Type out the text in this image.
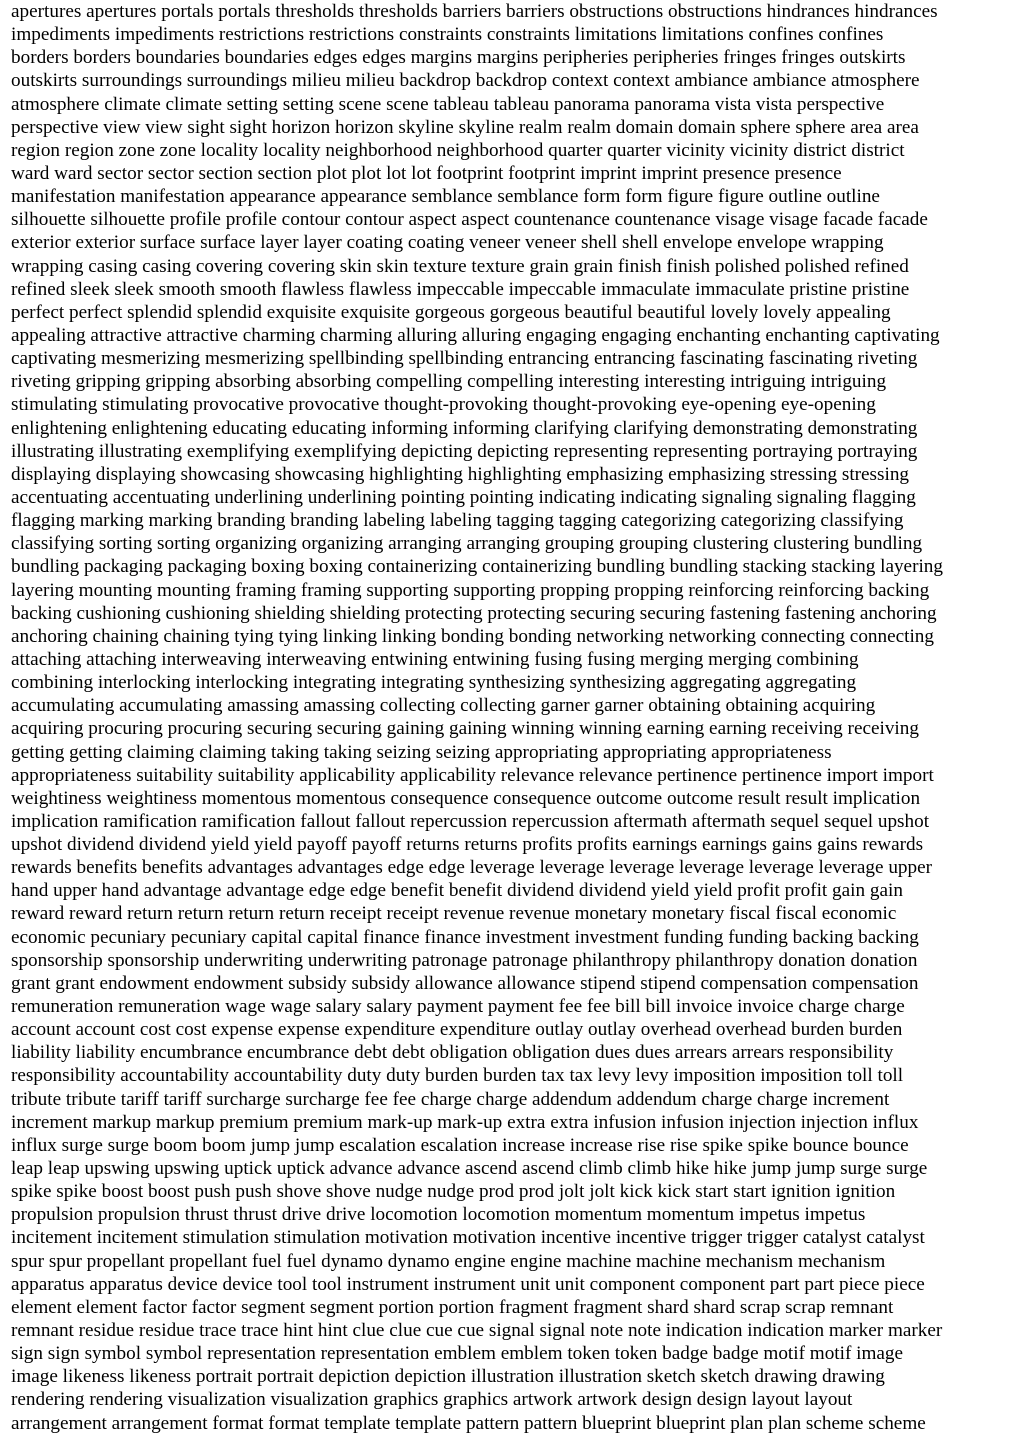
apertures apertures portals portals thresholds thresholds barriers barriers obstructions obstructions hindrances hindrances
impediments impediments restrictions restrictions constraints constraints limitations limitations confines confines
borders borders boundaries boundaries edges edges margins margins peripheries peripheries fringes fringes outskirts
outskirts surroundings surroundings milieu milieu backdrop backdrop context context ambiance ambiance atmosphere
atmosphere climate climate setting setting scene scene tableau tableau panorama panorama vista vista perspective
perspective view view sight sight horizon horizon skyline skyline realm realm domain domain sphere sphere area area
region region zone zone locality locality neighborhood neighborhood quarter quarter vicinity vicinity district district
ward ward sector sector section section plot plot lot lot footprint footprint imprint imprint presence presence
manifestation manifestation appearance appearance semblance semblance form form figure figure outline outline
silhouette silhouette profile profile contour contour aspect aspect countenance countenance visage visage facade facade
exterior exterior surface surface layer layer coating coating veneer veneer shell shell envelope envelope wrapping
wrapping casing casing covering covering skin skin texture texture grain grain finish finish polished polished refined
refined sleek sleek smooth smooth flawless flawless impeccable impeccable immaculate immaculate pristine pristine
perfect perfect splendid splendid exquisite exquisite gorgeous gorgeous beautiful beautiful lovely lovely appealing
appealing attractive attractive charming charming alluring alluring engaging engaging enchanting enchanting captivating
captivating mesmerizing mesmerizing spellbinding spellbinding entrancing entrancing fascinating fascinating riveting
riveting gripping gripping absorbing absorbing compelling compelling interesting interesting intriguing intriguing
stimulating stimulating provocative provocative thought-provoking thought-provoking eye-opening eye-opening
enlightening enlightening educating educating informing informing clarifying clarifying demonstrating demonstrating
illustrating illustrating exemplifying exemplifying depicting depicting representing representing portraying portraying
displaying displaying showcasing showcasing highlighting highlighting emphasizing emphasizing stressing stressing
accentuating accentuating underlining underlining pointing pointing indicating indicating signaling signaling flagging
flagging marking marking branding branding labeling labeling tagging tagging categorizing categorizing classifying
classifying sorting sorting organizing organizing arranging arranging grouping grouping clustering clustering bundling
bundling packaging packaging boxing boxing containerizing containerizing bundling bundling stacking stacking layering
layering mounting mounting framing framing supporting supporting propping propping reinforcing reinforcing backing
backing cushioning cushioning shielding shielding protecting protecting securing securing fastening fastening anchoring
anchoring chaining chaining tying tying linking linking bonding bonding networking networking connecting connecting
attaching attaching interweaving interweaving entwining entwining fusing fusing merging merging combining
combining interlocking interlocking integrating integrating synthesizing synthesizing aggregating aggregating
accumulating accumulating amassing amassing collecting collecting garner garner obtaining obtaining acquiring
acquiring procuring procuring securing securing gaining gaining winning winning earning earning receiving receiving
getting getting claiming claiming taking taking seizing seizing appropriating appropriating appropriateness
appropriateness suitability suitability applicability applicability relevance relevance pertinence pertinence import import
weightiness weightiness momentous momentous consequence consequence outcome outcome result result implication
implication ramification ramification fallout fallout repercussion repercussion aftermath aftermath sequel sequel upshot
upshot dividend dividend yield yield payoff payoff returns returns profits profits earnings earnings gains gains rewards
rewards benefits benefits advantages advantages edge edge leverage leverage leverage leverage leverage leverage upper
hand upper hand advantage advantage edge edge benefit benefit dividend dividend yield yield profit profit gain gain
reward reward return return return return receipt receipt revenue revenue monetary monetary fiscal fiscal economic
economic pecuniary pecuniary capital capital finance finance investment investment funding funding backing backing
sponsorship sponsorship underwriting underwriting patronage patronage philanthropy philanthropy donation donation
grant grant endowment endowment subsidy subsidy allowance allowance stipend stipend compensation compensation
remuneration remuneration wage wage salary salary payment payment fee fee bill bill invoice invoice charge charge
account account cost cost expense expense expenditure expenditure outlay outlay overhead overhead burden burden
liability liability encumbrance encumbrance debt debt obligation obligation dues dues arrears arrears responsibility
responsibility accountability accountability duty duty burden burden tax tax levy levy imposition imposition toll toll
tribute tribute tariff tariff surcharge surcharge fee fee charge charge addendum addendum charge charge increment
increment markup markup premium premium mark-up mark-up extra extra infusion infusion injection injection influx
influx surge surge boom boom jump jump escalation escalation increase increase rise rise spike spike bounce bounce
leap leap upswing upswing uptick uptick advance advance ascend ascend climb climb hike hike jump jump surge surge
spike spike boost boost push push shove shove nudge nudge prod prod jolt jolt kick kick start start ignition ignition
propulsion propulsion thrust thrust drive drive locomotion locomotion momentum momentum impetus impetus
incitement incitement stimulation stimulation motivation motivation incentive incentive trigger trigger catalyst catalyst
spur spur propellant propellant fuel fuel dynamo dynamo engine engine machine machine mechanism mechanism
apparatus apparatus device device tool tool instrument instrument unit unit component component part part piece piece
element element factor factor segment segment portion portion fragment fragment shard shard scrap scrap remnant
remnant residue residue trace trace hint hint clue clue cue cue signal signal note note indication indication marker marker
sign sign symbol symbol representation representation emblem emblem token token badge badge motif motif image
image likeness likeness portrait portrait depiction depiction illustration illustration sketch sketch drawing drawing
rendering rendering visualization visualization graphics graphics artwork artwork design design layout layout
arrangement arrangement format format template template pattern pattern blueprint blueprint plan plan scheme scheme
